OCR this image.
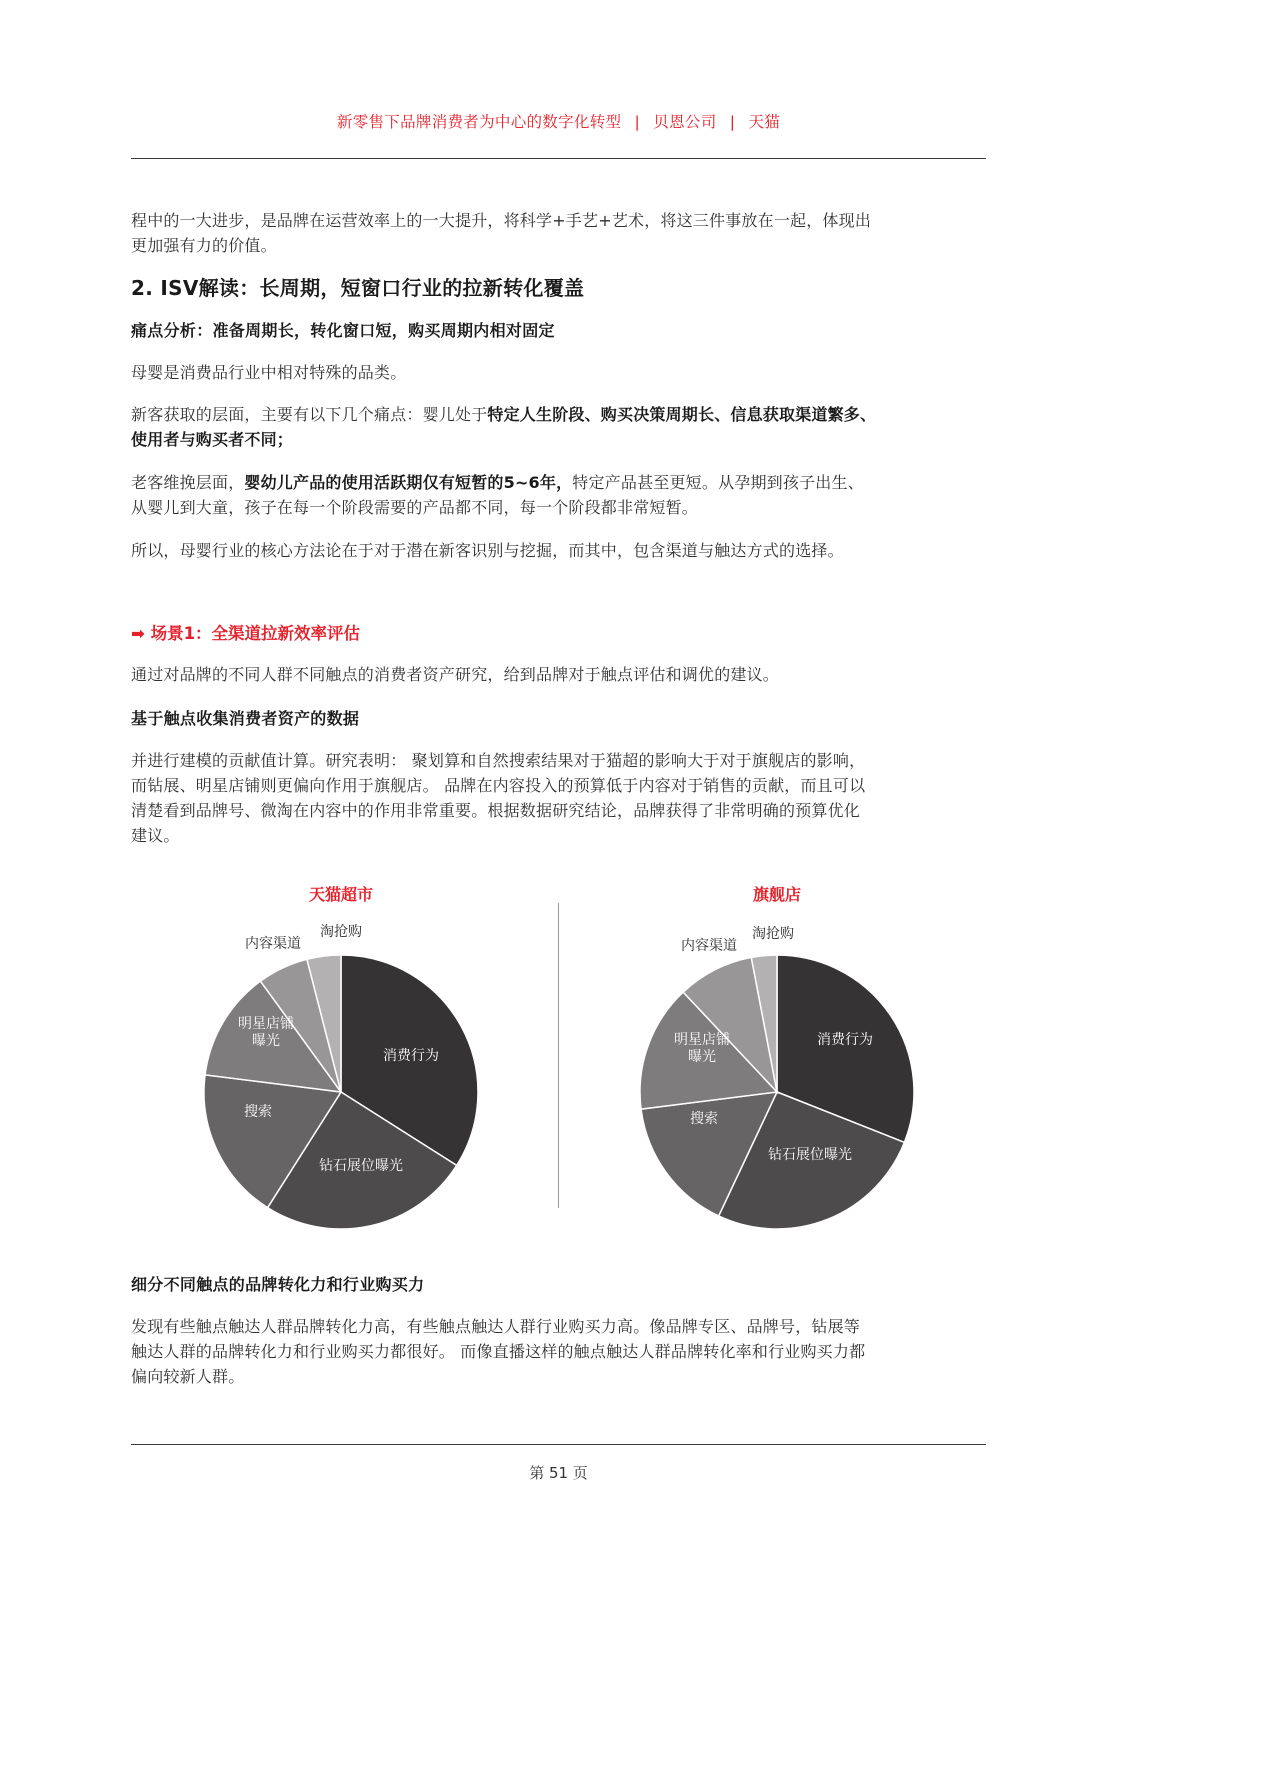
新零售下品牌消费者为中心的数字化转型 | 贝恩公司 | 天猫
程中的一大进步，是品牌在运营效率上的一大提升，将科学+手艺+艺术，将这三件事放在一起，体现出
更加强有力的价值。
2. ISV解读：长周期，短窗口行业的拉新转化覆盖
痛点分析：准备周期长，转化窗口短，购买周期内相对固定
母婴是消费品行业中相对特殊的品类。
新客获取的层面，主要有以下几个痛点：婴儿处于特定人生阶段、购买决策周期长、信息获取渠道繁多、
使用者与购买者不同；
老客维挽层面，婴幼儿产品的使用活跃期仅有短暂的5~6年，特定产品甚至更短。从孕期到孩子出生、
从婴儿到大童，孩子在每一个阶段需要的产品都不同，每一个阶段都非常短暂。
所以，母婴行业的核心方法论在于对于潜在新客识别与挖掘，而其中，包含渠道与触达方式的选择。
➡ 场景1：全渠道拉新效率评估
通过对品牌的不同人群不同触点的消费者资产研究，给到品牌对于触点评估和调优的建议。
基于触点收集消费者资产的数据
并进行建模的贡献值计算。研究表明： 聚划算和自然搜索结果对于猫超的影响大于对于旗舰店的影响，
而钻展、明星店铺则更偏向作用于旗舰店。 品牌在内容投入的预算低于内容对于销售的贡献，而且可以
清楚看到品牌号、微淘在内容中的作用非常重要。根据数据研究结论，品牌获得了非常明确的预算优化
建议。
天猫超市	旗舰店
消费行为
钻石展位曝光
搜索
明星店铺曝光
内容渠道
淘抢购
消费行为
钻石展位曝光
搜索
明星店铺曝光
内容渠道
淘抢购
细分不同触点的品牌转化力和行业购买力
发现有些触点触达人群品牌转化力高，有些触点触达人群行业购买力高。像品牌专区、品牌号，钻展等
触达人群的品牌转化力和行业购买力都很好。 而像直播这样的触点触达人群品牌转化率和行业购买力都
偏向较新人群。
第 51 页
